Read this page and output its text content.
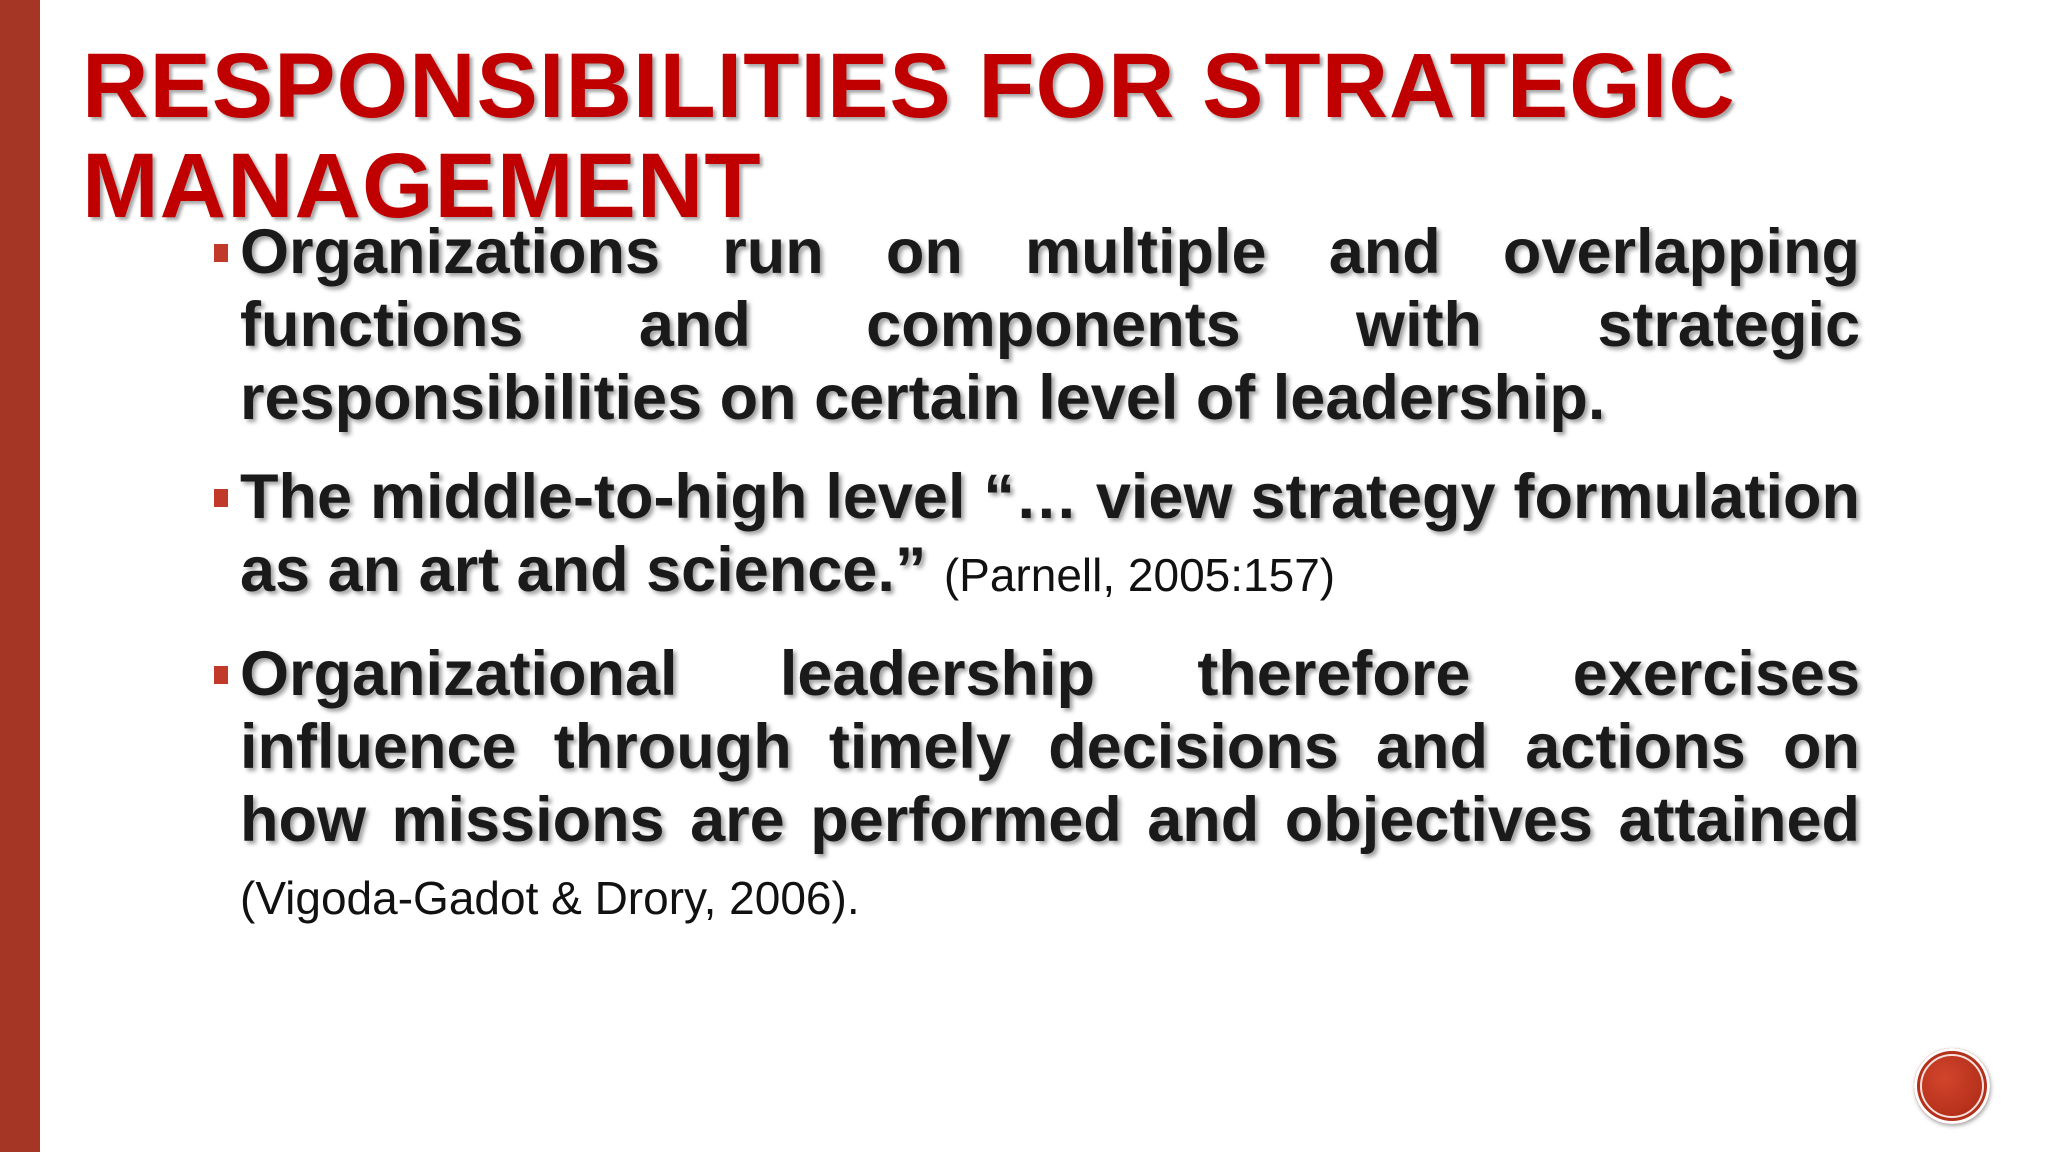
RESPONSIBILITIES FOR STRATEGIC
MANAGEMENT
Organizations run on multiple and overlapping functions and components with strategic responsibilities on certain level of leadership.
The middle-to-high level “… view strategy formulation as an art and science.” (Parnell, 2005:157)
Organizational leadership therefore exercises influence through timely decisions and actions on how missions are performed and objectives attained (Vigoda-Gadot & Drory, 2006).
